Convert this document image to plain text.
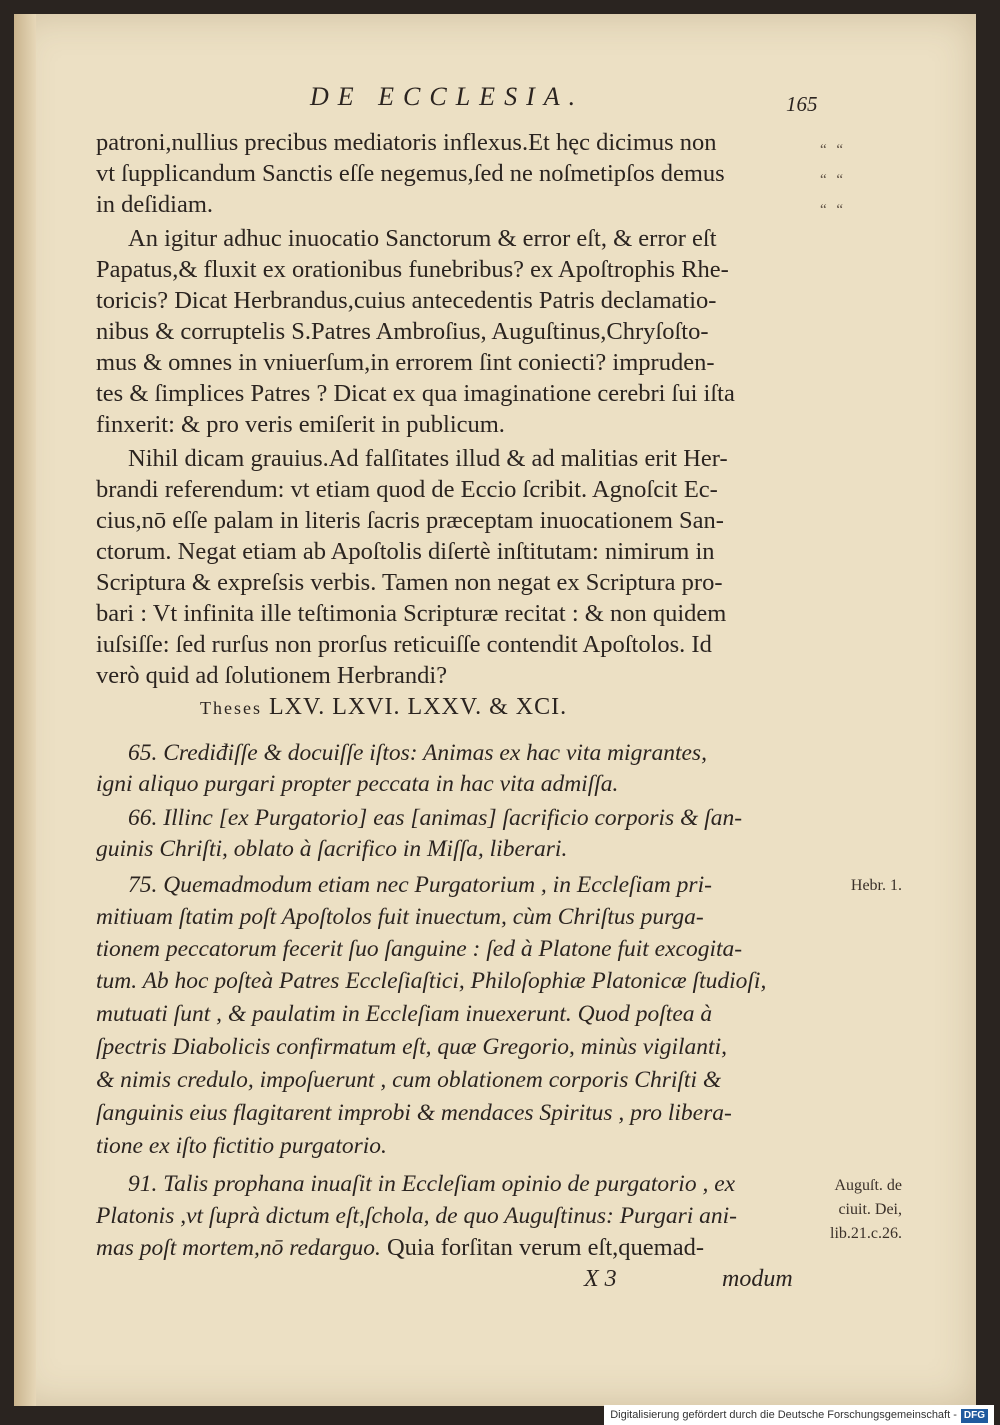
DE ECCLESIA.	165
“ “
“ “
“ “
patroni,nullius precibus mediatoris inflexus.Et hęc dicimus non
vt ſupplicandum Sanctis eſſe negemus,ſed ne noſmetipſos demus
in deſidiam.
An igitur adhuc inuocatio Sanctorum & error eſt, & error eſt
Papatus,& fluxit ex orationibus funebribus? ex Apoſtrophis Rhe-
toricis? Dicat Herbrandus,cuius antecedentis Patris declamatio-
nibus & corruptelis S.Patres Ambroſius, Auguſtinus,Chryſoſto-
mus & omnes in vniuerſum,in errorem ſint coniecti? impruden-
tes & ſimplices Patres ? Dicat ex qua imaginatione cerebri ſui iſta
finxerit: & pro veris emiſerit in publicum.
Nihil dicam grauius.Ad falſitates illud & ad malitias erit Her-
brandi referendum: vt etiam quod de Eccio ſcribit. Agnoſcit Ec-
cius,nō eſſe palam in literis ſacris præceptam inuocationem San-
ctorum. Negat etiam ab Apoſtolis diſertè inſtitutam: nimirum in
Scriptura & expreſsis verbis. Tamen non negat ex Scriptura pro-
bari : Vt infinita ille teſtimonia Scripturæ recitat : & non quidem
iuſsiſſe: ſed rurſus non prorſus reticuiſſe contendit Apoſtolos. Id
verò quid ad ſolutionem Herbrandi?
Theses LXV. LXVI. LXXV. & XCI.
65. Crediđiſſe & docuiſſe iſtos: Animas ex hac vita migrantes,
igni aliquo purgari propter peccata in hac vita admiſſa.
66. Illinc [ex Purgatorio] eas [animas] ſacrificio corporis & ſan-
guinis Chriſti, oblato à ſacrifico in Miſſa, liberari.
75. Quemadmodum etiam nec Purgatorium , in Eccleſiam pri-
mitiuam ſtatim poſt Apoſtolos fuit inuectum, cùm Chriſtus purga-
tionem peccatorum fecerit ſuo ſanguine : ſed à Platone fuit excogita-
tum. Ab hoc poſteà Patres Eccleſiaſtici, Philoſophiæ Platonicæ ſtudioſi,
mutuati ſunt , & paulatim in Eccleſiam inuexerunt. Quod poſtea à
ſpectris Diabolicis confirmatum eſt, quæ Gregorio, minùs vigilanti,
& nimis credulo, impoſuerunt , cum oblationem corporis Chriſti &
ſanguinis eius flagitarent improbi & mendaces Spiritus , pro libera-
tione ex iſto fictitio purgatorio.
91. Talis prophana inuaſit in Eccleſiam opinio de purgatorio , ex
Platonis ,vt ſuprà dictum eſt,ſchola, de quo Auguſtinus: Purgari ani-
mas poſt mortem,nō redarguo. Quia forſitan verum eſt,quemad-
Hebr. 1.
Auguſt. de
ciuit. Dei,
lib.21.c.26.
X 3	modum
Digitalisierung gefördert durch die Deutsche Forschungsgemeinschaft - DFG
